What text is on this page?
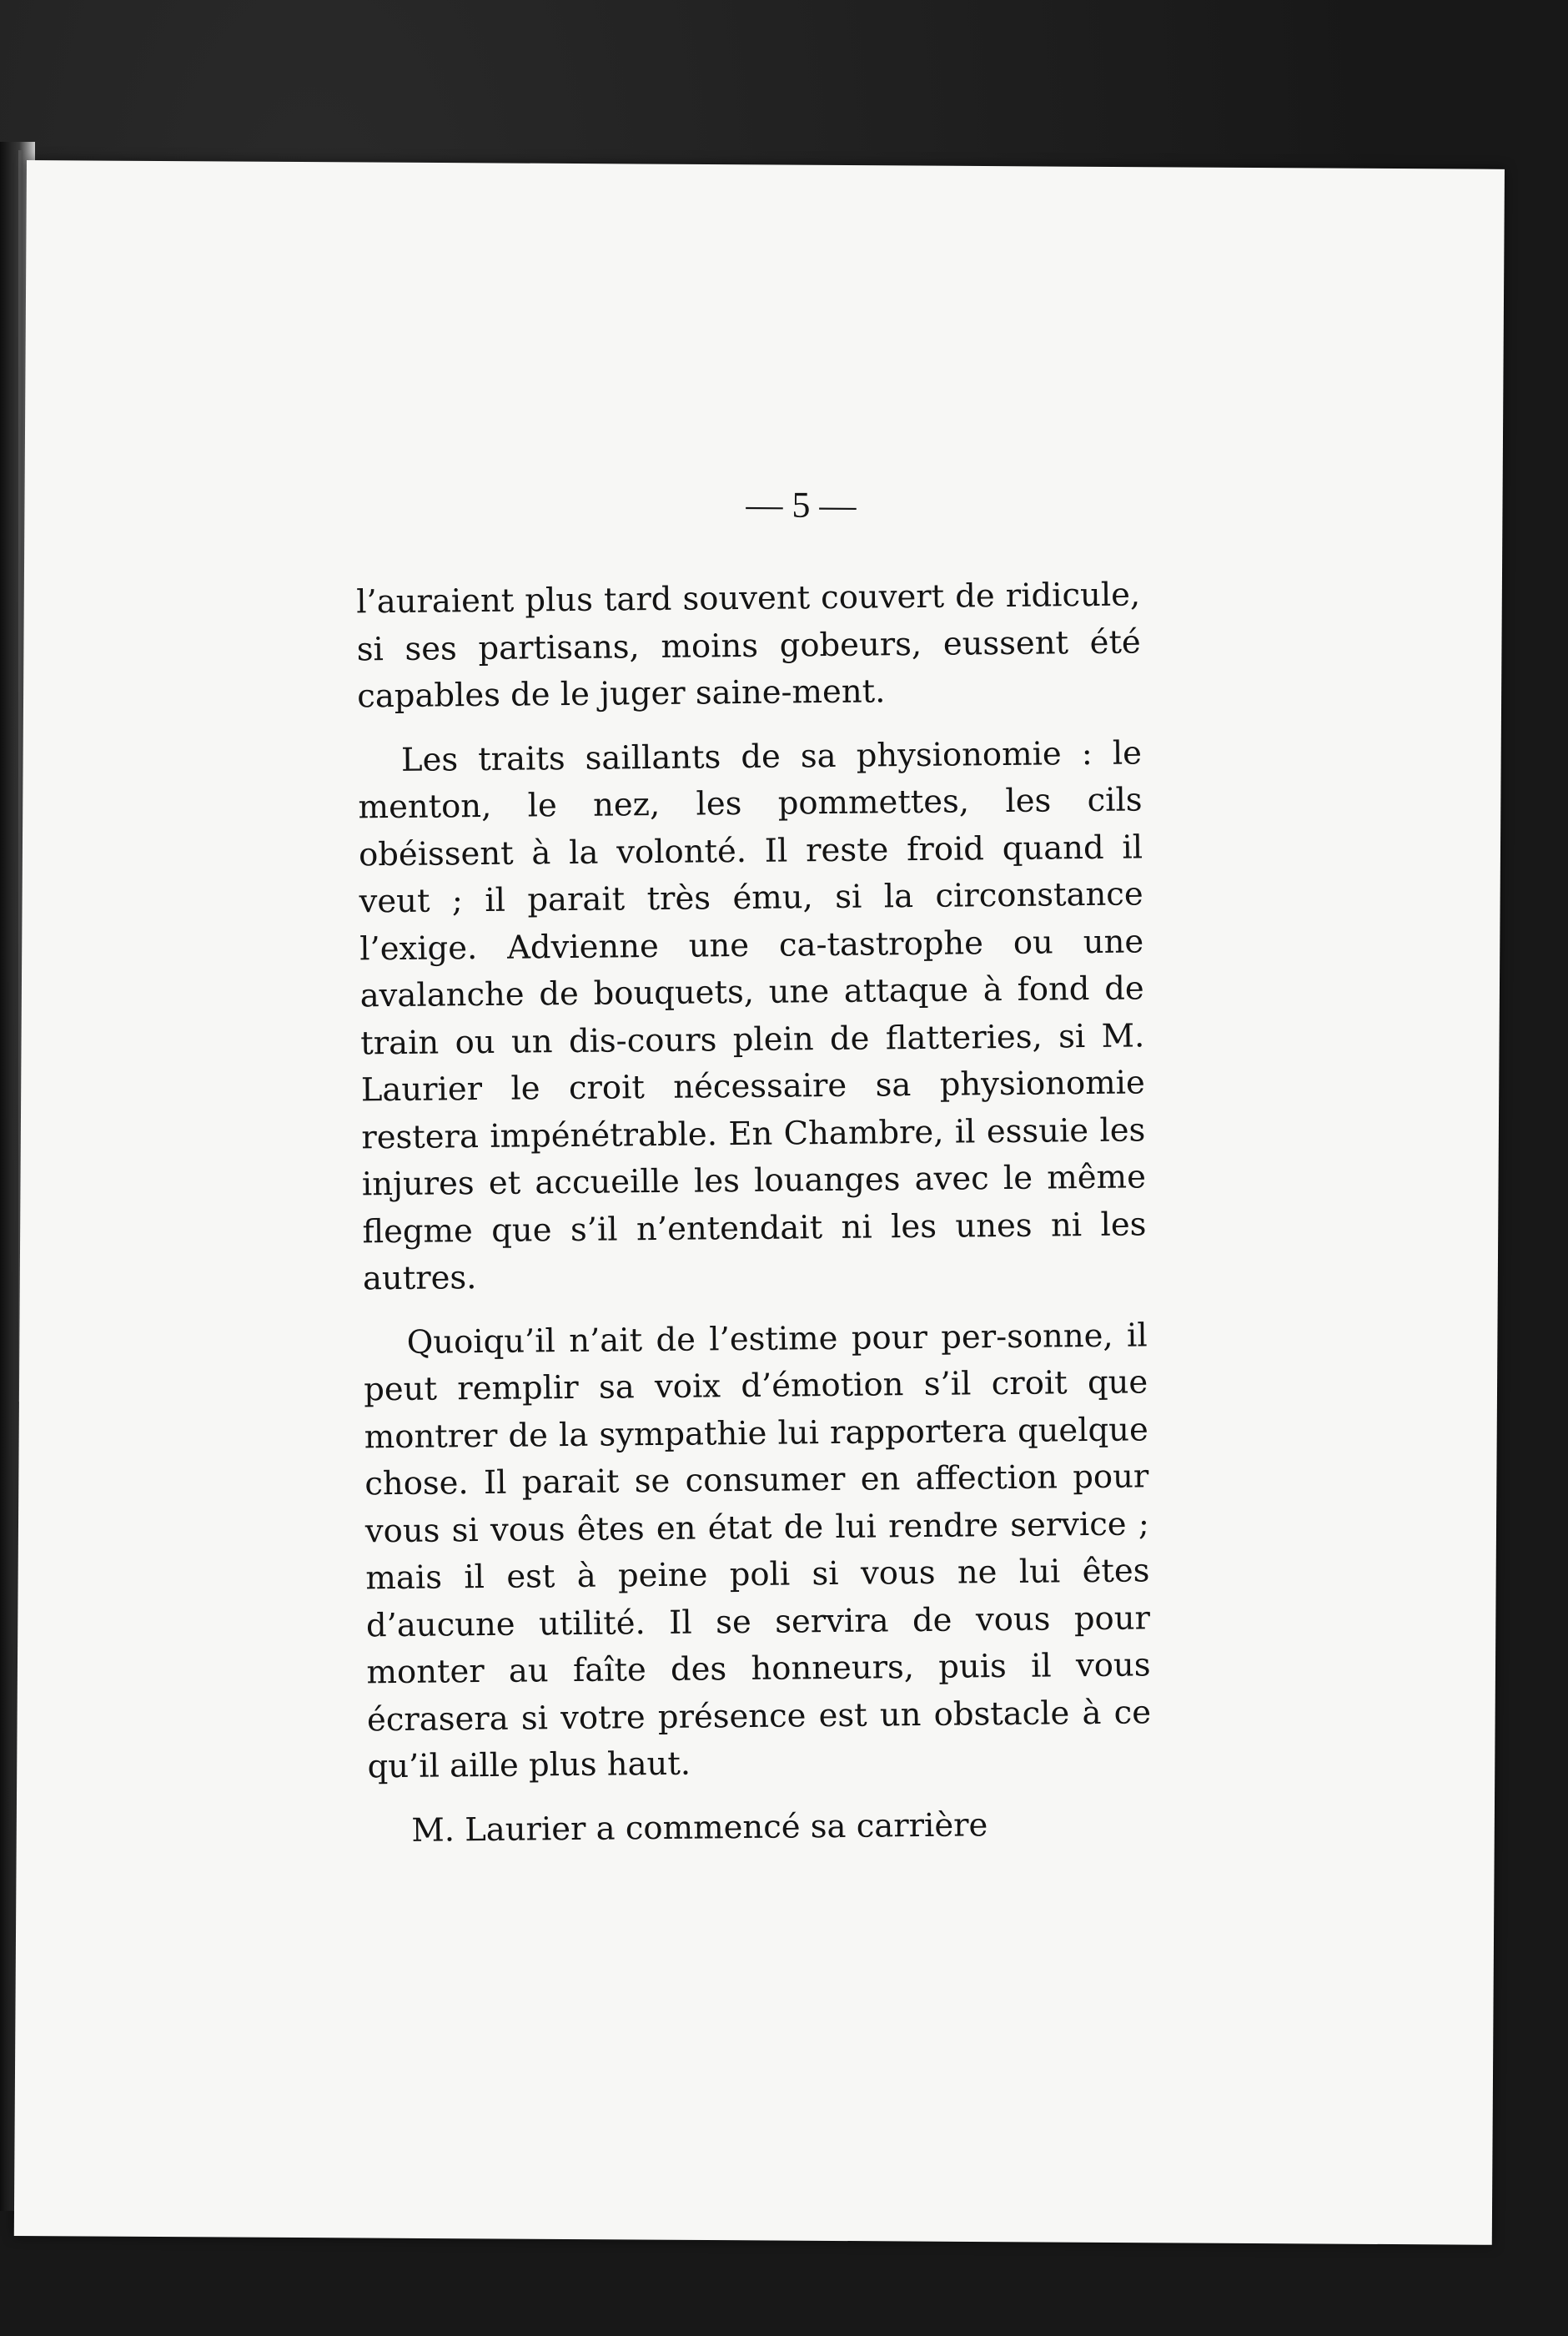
— 5 —

l’auraient plus tard souvent couvert de ridicule, si ses partisans, moins gobeurs, eussent été capables de le juger saine-ment.

Les traits saillants de sa physionomie : le menton, le nez, les pommettes, les cils obéissent à la volonté. Il reste froid quand il veut ; il parait très ému, si la circonstance l’exige. Advienne une ca-tastrophe ou une avalanche de bouquets, une attaque à fond de train ou un dis-cours plein de flatteries, si M. Laurier le croit nécessaire sa physionomie restera impénétrable. En Chambre, il essuie les injures et accueille les louanges avec le même flegme que s’il n’entendait ni les unes ni les autres.

Quoiqu’il n’ait de l’estime pour per-sonne, il peut remplir sa voix d’émotion s’il croit que montrer de la sympathie lui rapportera quelque chose. Il parait se consumer en affection pour vous si vous êtes en état de lui rendre service ; mais il est à peine poli si vous ne lui êtes d’aucune utilité. Il se servira de vous pour monter au faîte des honneurs, puis il vous écrasera si votre présence est un obstacle à ce qu’il aille plus haut.

M. Laurier a commencé sa carrière
